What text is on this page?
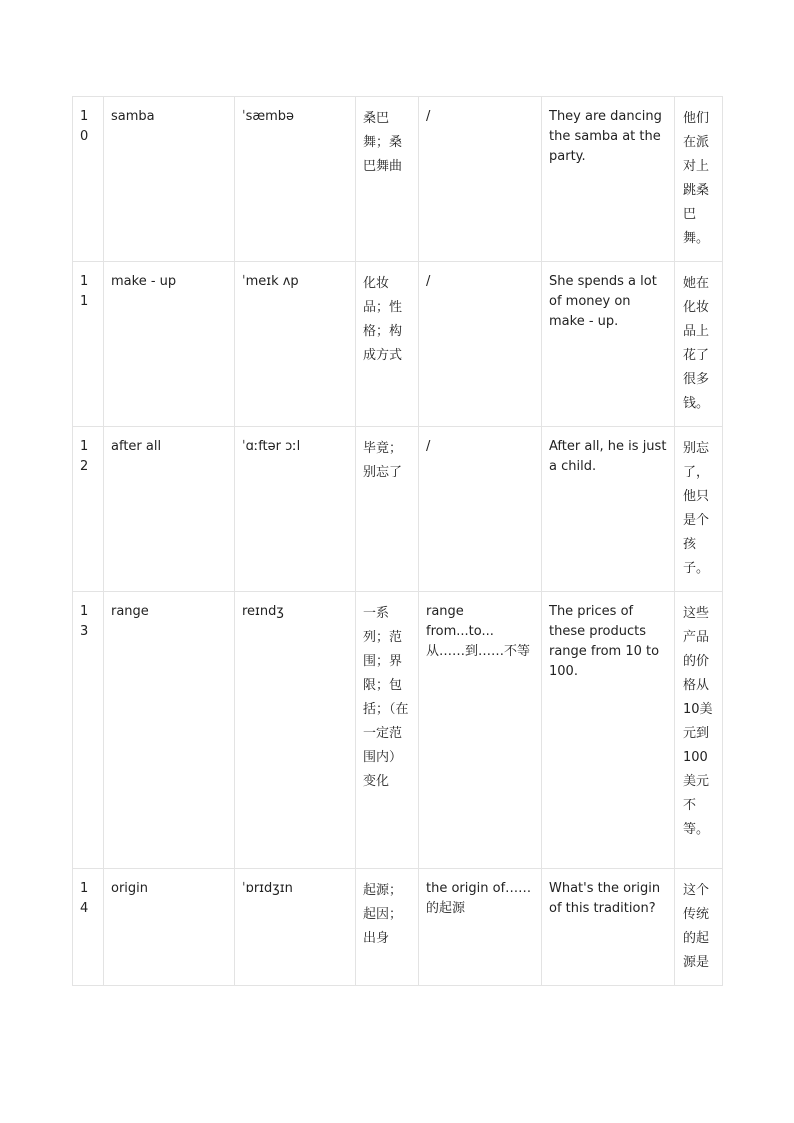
10	samba	ˈsæmbə	桑巴舞；桑巴舞曲	/	They are dancing the samba at the party.	他们在派对上跳桑巴舞。
11	make - up	ˈmeɪk ʌp	化妆品；性格；构成方式	/	She spends a lot of money on make - up.	她在化妆品上花了很多钱。
12	after all	ˈɑːftər ɔːl	毕竟；别忘了	/	After all, he is just a child.	别忘了，他只是个孩子。
13	range	reɪndʒ	一系列；范围；界限；包括；（在一定范围内）变化	range from...to... 从……到……不等	The prices of these products range from 10 to 100.	这些产品的价格从10美元到100美元不等。
14	origin	ˈɒrɪdʒɪn	起源；起因；出身	the origin of…… 的起源	What's the origin of this tradition?	这个传统的起源是
